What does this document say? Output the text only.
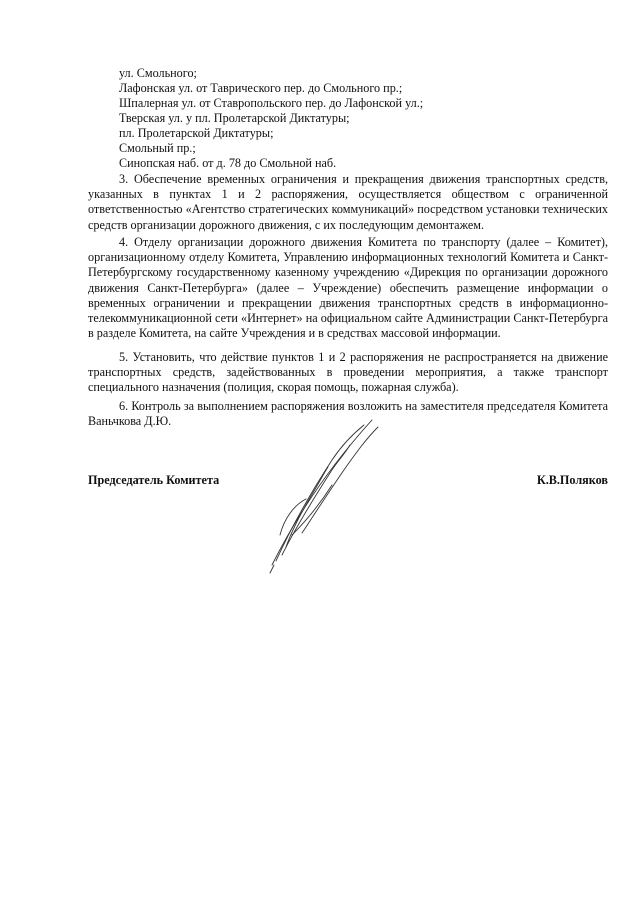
ул. Смольного;
Лафонская ул. от Таврического пер. до Смольного пр.;
Шпалерная ул. от Ставропольского пер. до Лафонской ул.;
Тверская ул. у пл. Пролетарской Диктатуры;
пл. Пролетарской Диктатуры;
Смольный пр.;
Синопская наб. от д. 78 до Смольной наб.

3. Обеспечение временных ограничения и прекращения движения транспортных средств, указанных в пунктах 1 и 2 распоряжения, осуществляется обществом с ограниченной ответственностью «Агентство стратегических коммуникаций» посредством установки технических средств организации дорожного движения, с их последующим демонтажем.

4. Отделу организации дорожного движения Комитета по транспорту (далее – Комитет), организационному отделу Комитета, Управлению информационных технологий Комитета и Санкт-Петербургскому государственному казенному учреждению «Дирекция по организации дорожного движения Санкт-Петербурга» (далее – Учреждение) обеспечить размещение информации о временных ограничении и прекращении движения транспортных средств в информационно-телекоммуникационной сети «Интернет» на официальном сайте Администрации Санкт-Петербурга в разделе Комитета, на сайте Учреждения и в средствах массовой информации.

5. Установить, что действие пунктов 1 и 2 распоряжения не распространяется на движение транспортных средств, задействованных в проведении мероприятия, а также транспорт специального назначения (полиция, скорая помощь, пожарная служба).

6. Контроль за выполнением распоряжения возложить на заместителя председателя Комитета Ваньчкова Д.Ю.

Председатель Комитета	К.В.Поляков
